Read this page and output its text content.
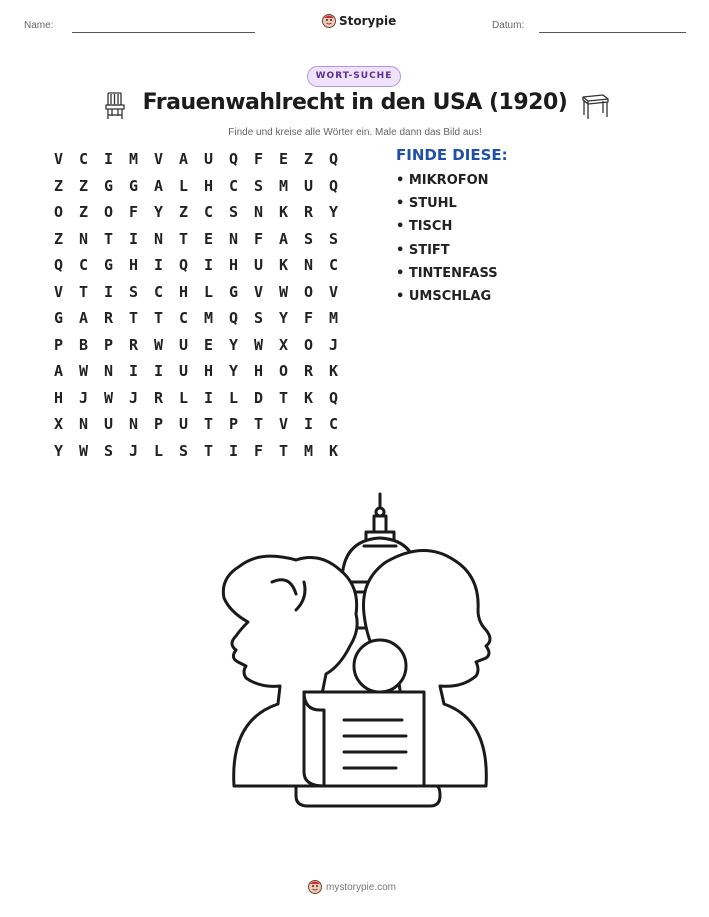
Name:	Storypie	Datum:
WORT-SUCHE
Frauenwahlrecht in den USA (1920)
Finde und kreise alle Wörter ein. Male dann das Bild aus!
V	C	I	M	V	A	U	Q	F	E	Z	Q
Z	Z	G	G	A	L	H	C	S	M	U	Q
O	Z	O	F	Y	Z	C	S	N	K	R	Y
Z	N	T	I	N	T	E	N	F	A	S	S
Q	C	G	H	I	Q	I	H	U	K	N	C
V	T	I	S	C	H	L	G	V	W	O	V
G	A	R	T	T	C	M	Q	S	Y	F	M
P	B	P	R	W	U	E	Y	W	X	O	J
A	W	N	I	I	U	H	Y	H	O	R	K
H	J	W	J	R	L	I	L	D	T	K	Q
X	N	U	N	P	U	T	P	T	V	I	C
Y	W	S	J	L	S	T	I	F	T	M	K
FINDE DIESE:
• MIKROFON
• STUHL
• TISCH
• STIFT
• TINTENFASS
• UMSCHLAG
mystorypie.com
